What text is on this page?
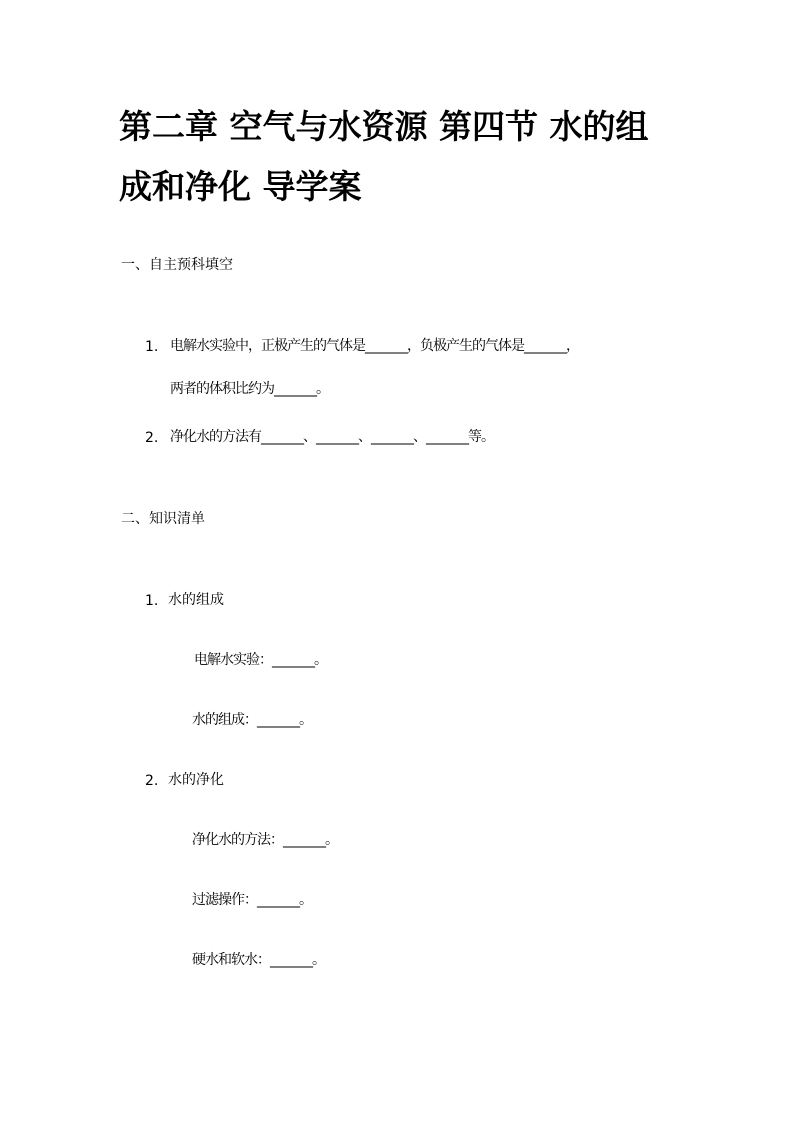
第二章 空气与水资源 第四节 水的组
成和净化 导学案
一、自主预科填空
1. 电解水实验中，正极产生的气体是_______，负极产生的气体是_______，
两者的体积比约为_______。
2. 净化水的方法有_______、_______、_______、_______等。
二、知识清单
1. 水的组成
电解水实验：_______。
水的组成：_______。
2. 水的净化
净化水的方法：_______。
过滤操作：_______。
硬水和软水：_______。
